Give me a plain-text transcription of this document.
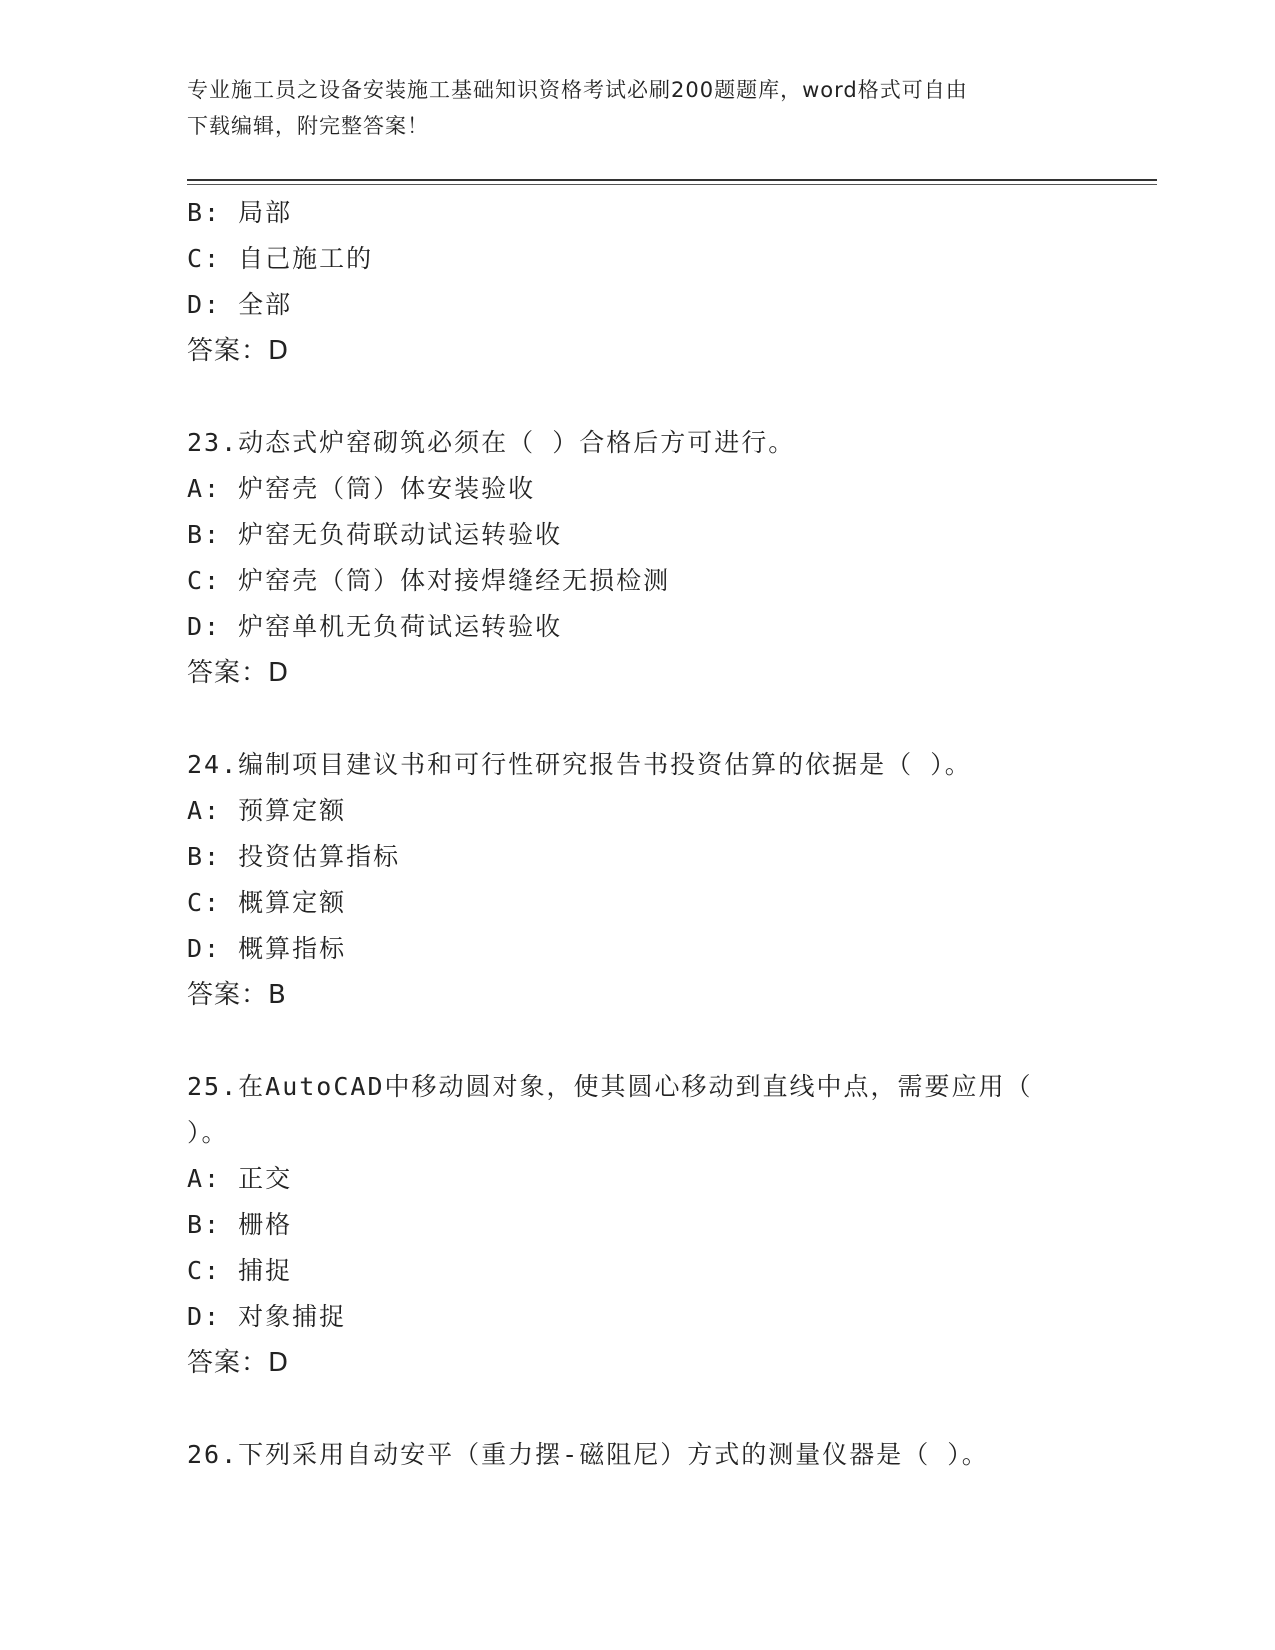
专业施工员之设备安装施工基础知识资格考试必刷200题题库，word格式可自由
下载编辑，附完整答案！
B: 局部
C: 自己施工的
D: 全部
答案：D
23.动态式炉窑砌筑必须在（ ）合格后方可进行。
A: 炉窑壳（筒）体安装验收
B: 炉窑无负荷联动试运转验收
C: 炉窑壳（筒）体对接焊缝经无损检测
D: 炉窑单机无负荷试运转验收
答案：D
24.编制项目建议书和可行性研究报告书投资估算的依据是（ ）。
A: 预算定额
B: 投资估算指标
C: 概算定额
D: 概算指标
答案：B
25.在AutoCAD中移动圆对象，使其圆心移动到直线中点，需要应用（
）。
A: 正交
B: 栅格
C: 捕捉
D: 对象捕捉
答案：D
26.下列采用自动安平（重力摆-磁阻尼）方式的测量仪器是（ ）。
